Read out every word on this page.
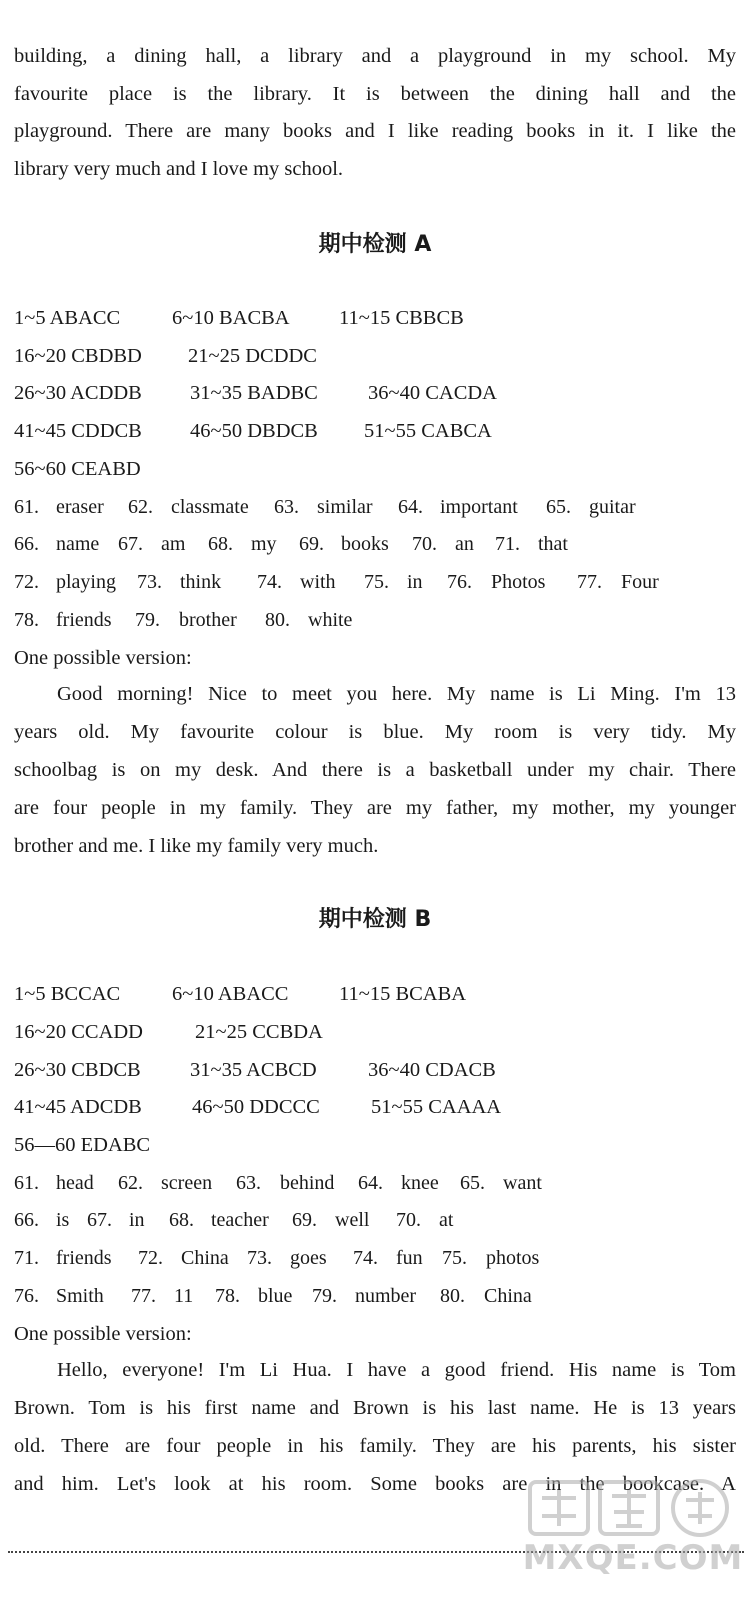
building, a dining hall, a library and a playground in my school. My
favourite place is the library. It is between the dining hall and the
playground. There are many books and I like reading books in it. I like the
library very much and I love my school.
期中检测 A
1~5 ABACC	6~10 BACBA 11~15 CBBCB
16~20 CBDBD 21~25 DCDDC
26~30 ACDDB 31~35 BADBC 36~40 CACDA
41~45 CDDCB 46~50 DBDCB 51~55 CABCA
56~60 CEABD
61. eraser 62. classmate 63. similar 64. important 65. guitar
66. name 67. am 68. my 69. books 70. an 71. that
72. playing 73. think 74. with 75. in 76. Photos 77. Four
78. friends 79. brother 80. white
One possible version:
Good morning! Nice to meet you here. My name is Li Ming. I'm 13
years old. My favourite colour is blue. My room is very tidy. My
schoolbag is on my desk. And there is a basketball under my chair. There
are four people in my family. They are my father, my mother, my younger
brother and me. I like my family very much.
期中检测 B
1~5 BCCAC	6~10 ABACC 11~15 BCABA
16~20 CCADD	21~25 CCBDA
26~30 CBDCB 31~35 ACBCD	36~40 CDACB
41~45 ADCDB 46~50 DDCCC 51~55 CAAAA
56—60 EDABC
61. head 62. screen 63. behind 64. knee 65. want
66. is 67. in 68. teacher 69. well 70. at
71. friends 72. China 73. goes 74. fun 75. photos
76. Smith 77. 11 78. blue 79. number 80. China
One possible version:
Hello, everyone! I'm Li Hua. I have a good friend. His name is Tom
Brown. Tom is his first name and Brown is his last name. He is 13 years
old. There are four people in his family. They are his parents, his sister
and him. Let's look at his room. Some books are in the bookcase. A
MXQE.COM
